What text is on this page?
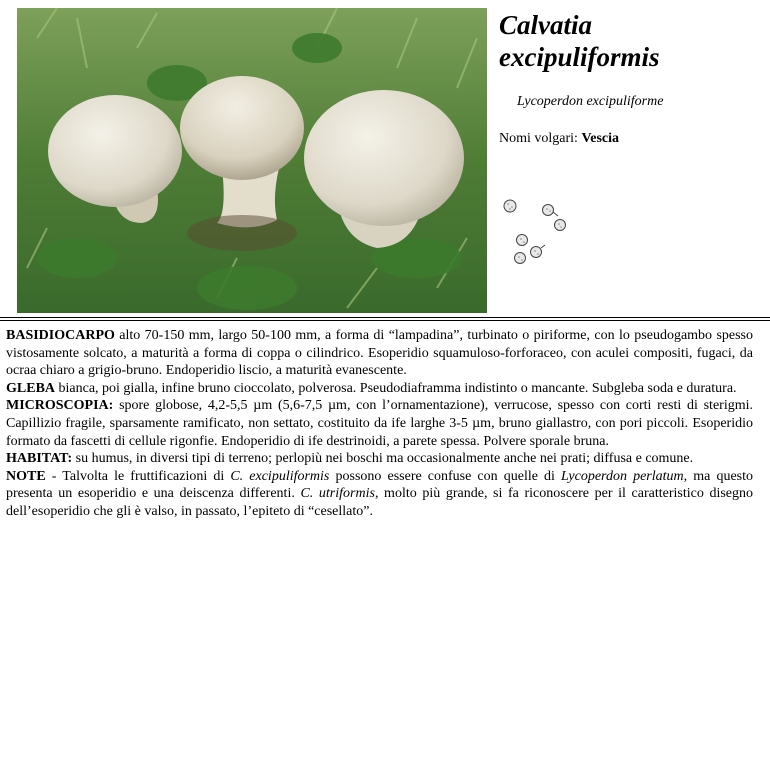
Calvatia
excipuliformis
Lycoperdon excipuliforme
Nomi volgari: Vescia

BASIDIOCARPO alto 70-150 mm, largo 50-100 mm, a forma di “lampadina”, turbinato o piriforme, con lo pseudogambo spesso vistosamente solcato, a maturità a forma di coppa o cilindrico. Esoperidio squamuloso-forforaceo, con aculei compositi, fugaci, da ocraa chiaro a grigio-bruno. Endoperidio liscio, a maturità evanescente.

GLEBA bianca, poi gialla, infine bruno cioccolato, polverosa. Pseudodiaframma indistinto o mancante. Subgleba soda e duratura.

MICROSCOPIA: spore globose, 4,2-5,5 µm (5,6-7,5 µm, con l’ornamentazione), verrucose, spesso con corti resti di sterigmi. Capillizio fragile, sparsamente ramificato, non settato, costituito da ife larghe 3-5 µm, bruno giallastro, con pori piccoli. Esoperidio formato da fascetti di cellule rigonfie. Endoperidio di ife destrinoidi, a parete spessa. Polvere sporale bruna.

HABITAT: su humus, in diversi tipi di terreno; perlopiù nei boschi ma occasionalmente anche nei prati; diffusa e comune.

NOTE - Talvolta le fruttificazioni di C. excipuliformis possono essere confuse con quelle di Lycoperdon perlatum, ma questo presenta un esoperidio e una deiscenza differenti. C. utriformis, molto più grande, si fa riconoscere per il caratteristico disegno dell’esoperidio che gli è valso, in passato, l’epiteto di “cesellato”.
